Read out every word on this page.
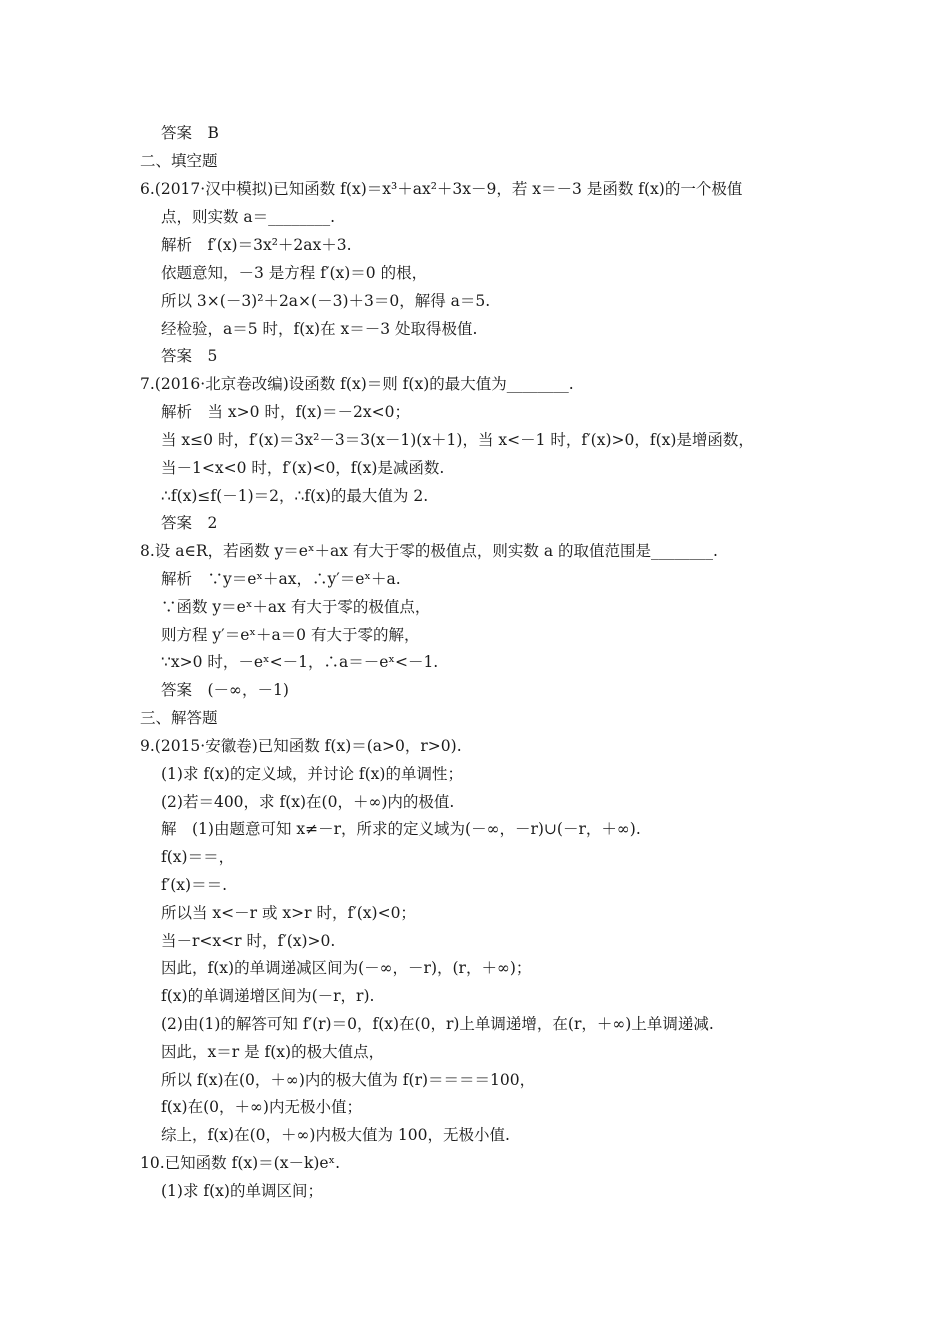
答案　B
二、填空题
6.(2017·汉中模拟)已知函数 f(x)＝x³＋ax²＋3x－9，若 x＝－3 是函数 f(x)的一个极值
点，则实数 a＝________.
解析　f′(x)＝3x²＋2ax＋3.
依题意知，－3 是方程 f′(x)＝0 的根，
所以 3×(－3)²＋2a×(－3)＋3＝0，解得 a＝5.
经检验，a＝5 时，f(x)在 x＝－3 处取得极值.
答案　5
7.(2016·北京卷改编)设函数 f(x)＝则 f(x)的最大值为________.
解析　当 x>0 时，f(x)＝－2x<0；
当 x≤0 时，f′(x)＝3x²－3＝3(x－1)(x＋1)，当 x<－1 时，f′(x)>0，f(x)是增函数，
当－1<x<0 时，f′(x)<0，f(x)是减函数.
∴f(x)≤f(－1)＝2，∴f(x)的最大值为 2.
答案　2
8.设 a∈R，若函数 y＝eˣ＋ax 有大于零的极值点，则实数 a 的取值范围是________.
解析　∵y＝eˣ＋ax，∴y′＝eˣ＋a.
∵函数 y＝eˣ＋ax 有大于零的极值点，
则方程 y′＝eˣ＋a＝0 有大于零的解，
∵x>0 时，－eˣ<－1，∴a＝－eˣ<－1.
答案　(－∞，－1)
三、解答题
9.(2015·安徽卷)已知函数 f(x)＝(a>0，r>0).
(1)求 f(x)的定义域，并讨论 f(x)的单调性；
(2)若＝400，求 f(x)在(0，＋∞)内的极值.
解　(1)由题意可知 x≠－r，所求的定义域为(－∞，－r)∪(－r，＋∞).
f(x)＝＝，
f′(x)＝＝.
所以当 x<－r 或 x>r 时，f′(x)<0；
当－r<x<r 时，f′(x)>0.
因此，f(x)的单调递减区间为(－∞，－r)，(r，＋∞)；
f(x)的单调递增区间为(－r，r).
(2)由(1)的解答可知 f′(r)＝0，f(x)在(0，r)上单调递增，在(r，＋∞)上单调递减.
因此，x＝r 是 f(x)的极大值点，
所以 f(x)在(0，＋∞)内的极大值为 f(r)＝＝＝＝100，
f(x)在(0，＋∞)内无极小值；
综上，f(x)在(0，＋∞)内极大值为 100，无极小值.
10.已知函数 f(x)＝(x－k)eˣ.
(1)求 f(x)的单调区间；
